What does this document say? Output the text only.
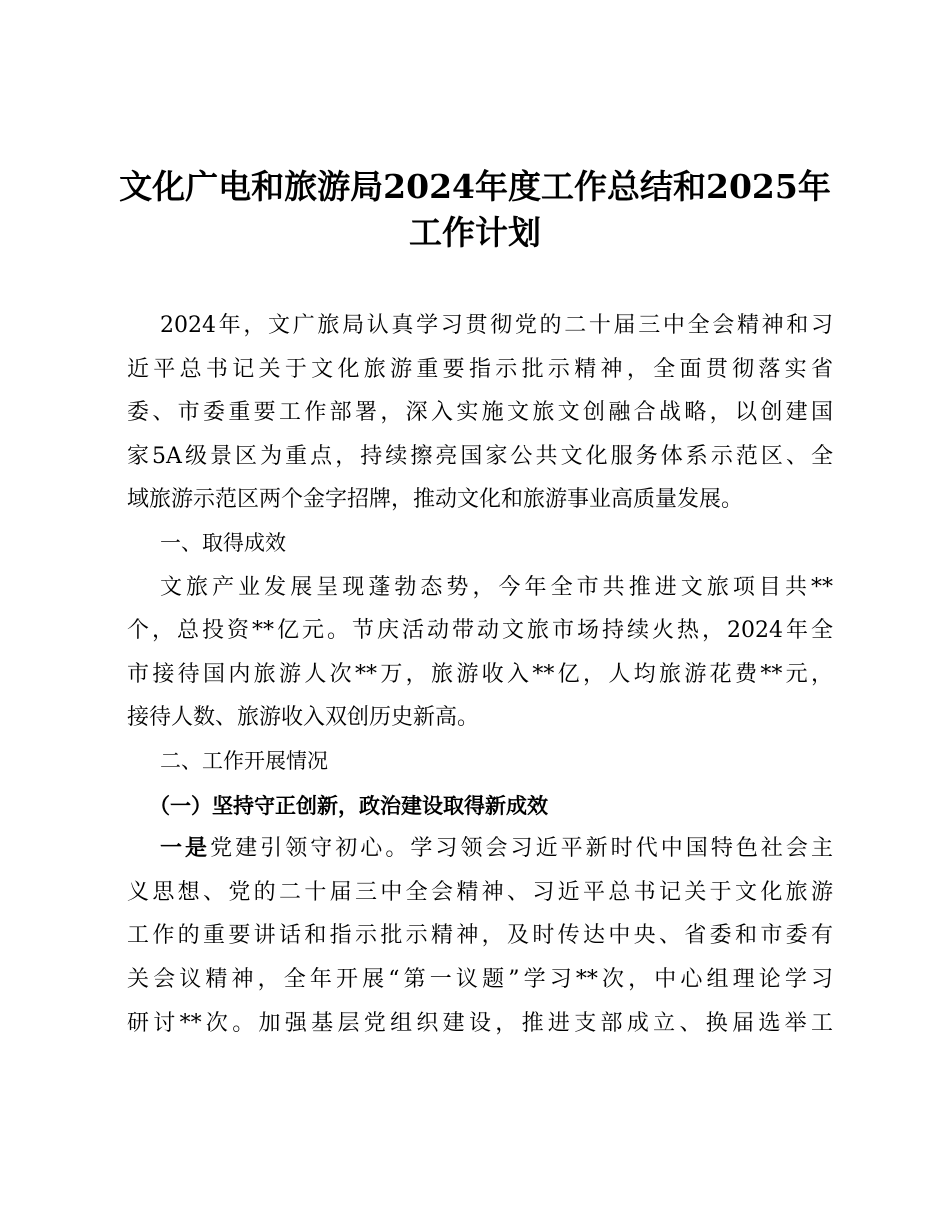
文化广电和旅游局2024年度工作总结和2025年
工作计划
2024年，文广旅局认真学习贯彻党的二十届三中全会精神和习
近平总书记关于文化旅游重要指示批示精神，全面贯彻落实省
委、市委重要工作部署，深入实施文旅文创融合战略，以创建国
家5A级景区为重点，持续擦亮国家公共文化服务体系示范区、全
域旅游示范区两个金字招牌，推动文化和旅游事业高质量发展。
一、取得成效
文旅产业发展呈现蓬勃态势，今年全市共推进文旅项目共**
个，总投资**亿元。节庆活动带动文旅市场持续火热，2024年全
市接待国内旅游人次**万，旅游收入**亿，人均旅游花费**元，
接待人数、旅游收入双创历史新高。
二、工作开展情况
（一）坚持守正创新，政治建设取得新成效
一是党建引领守初心。学习领会习近平新时代中国特色社会主
义思想、党的二十届三中全会精神、习近平总书记关于文化旅游
工作的重要讲话和指示批示精神，及时传达中央、省委和市委有
关会议精神，全年开展“第一议题”学习**次，中心组理论学习
研讨**次。加强基层党组织建设，推进支部成立、换届选举工
